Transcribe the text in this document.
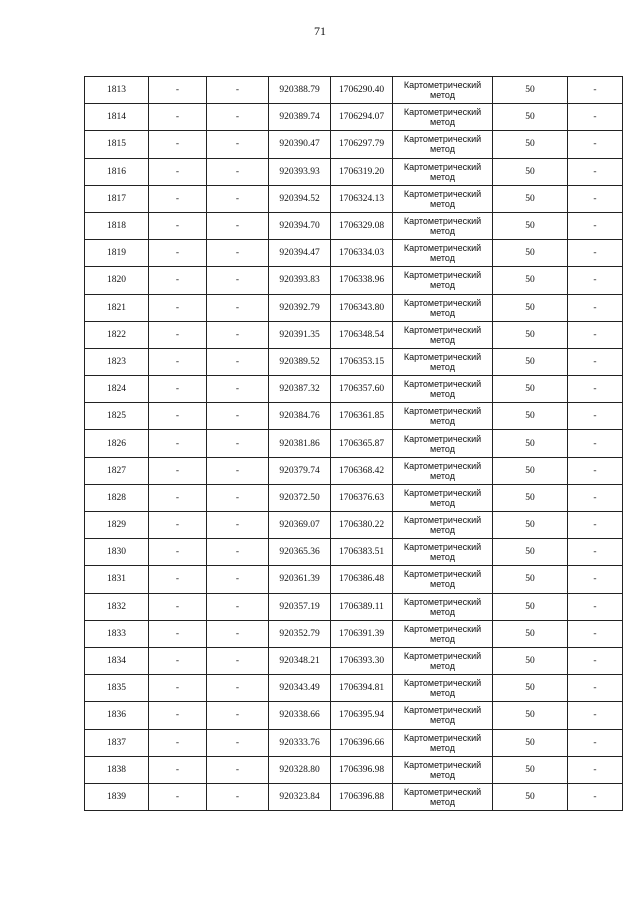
71
1813	-	-	920388.79	1706290.40	Картометрический
метод	50	-
1814	-	-	920389.74	1706294.07	Картометрический
метод	50	-
1815	-	-	920390.47	1706297.79	Картометрический
метод	50	-
1816	-	-	920393.93	1706319.20	Картометрический
метод	50	-
1817	-	-	920394.52	1706324.13	Картометрический
метод	50	-
1818	-	-	920394.70	1706329.08	Картометрический
метод	50	-
1819	-	-	920394.47	1706334.03	Картометрический
метод	50	-
1820	-	-	920393.83	1706338.96	Картометрический
метод	50	-
1821	-	-	920392.79	1706343.80	Картометрический
метод	50	-
1822	-	-	920391.35	1706348.54	Картометрический
метод	50	-
1823	-	-	920389.52	1706353.15	Картометрический
метод	50	-
1824	-	-	920387.32	1706357.60	Картометрический
метод	50	-
1825	-	-	920384.76	1706361.85	Картометрический
метод	50	-
1826	-	-	920381.86	1706365.87	Картометрический
метод	50	-
1827	-	-	920379.74	1706368.42	Картометрический
метод	50	-
1828	-	-	920372.50	1706376.63	Картометрический
метод	50	-
1829	-	-	920369.07	1706380.22	Картометрический
метод	50	-
1830	-	-	920365.36	1706383.51	Картометрический
метод	50	-
1831	-	-	920361.39	1706386.48	Картометрический
метод	50	-
1832	-	-	920357.19	1706389.11	Картометрический
метод	50	-
1833	-	-	920352.79	1706391.39	Картометрический
метод	50	-
1834	-	-	920348.21	1706393.30	Картометрический
метод	50	-
1835	-	-	920343.49	1706394.81	Картометрический
метод	50	-
1836	-	-	920338.66	1706395.94	Картометрический
метод	50	-
1837	-	-	920333.76	1706396.66	Картометрический
метод	50	-
1838	-	-	920328.80	1706396.98	Картометрический
метод	50	-
1839	-	-	920323.84	1706396.88	Картометрический
метод	50	-
